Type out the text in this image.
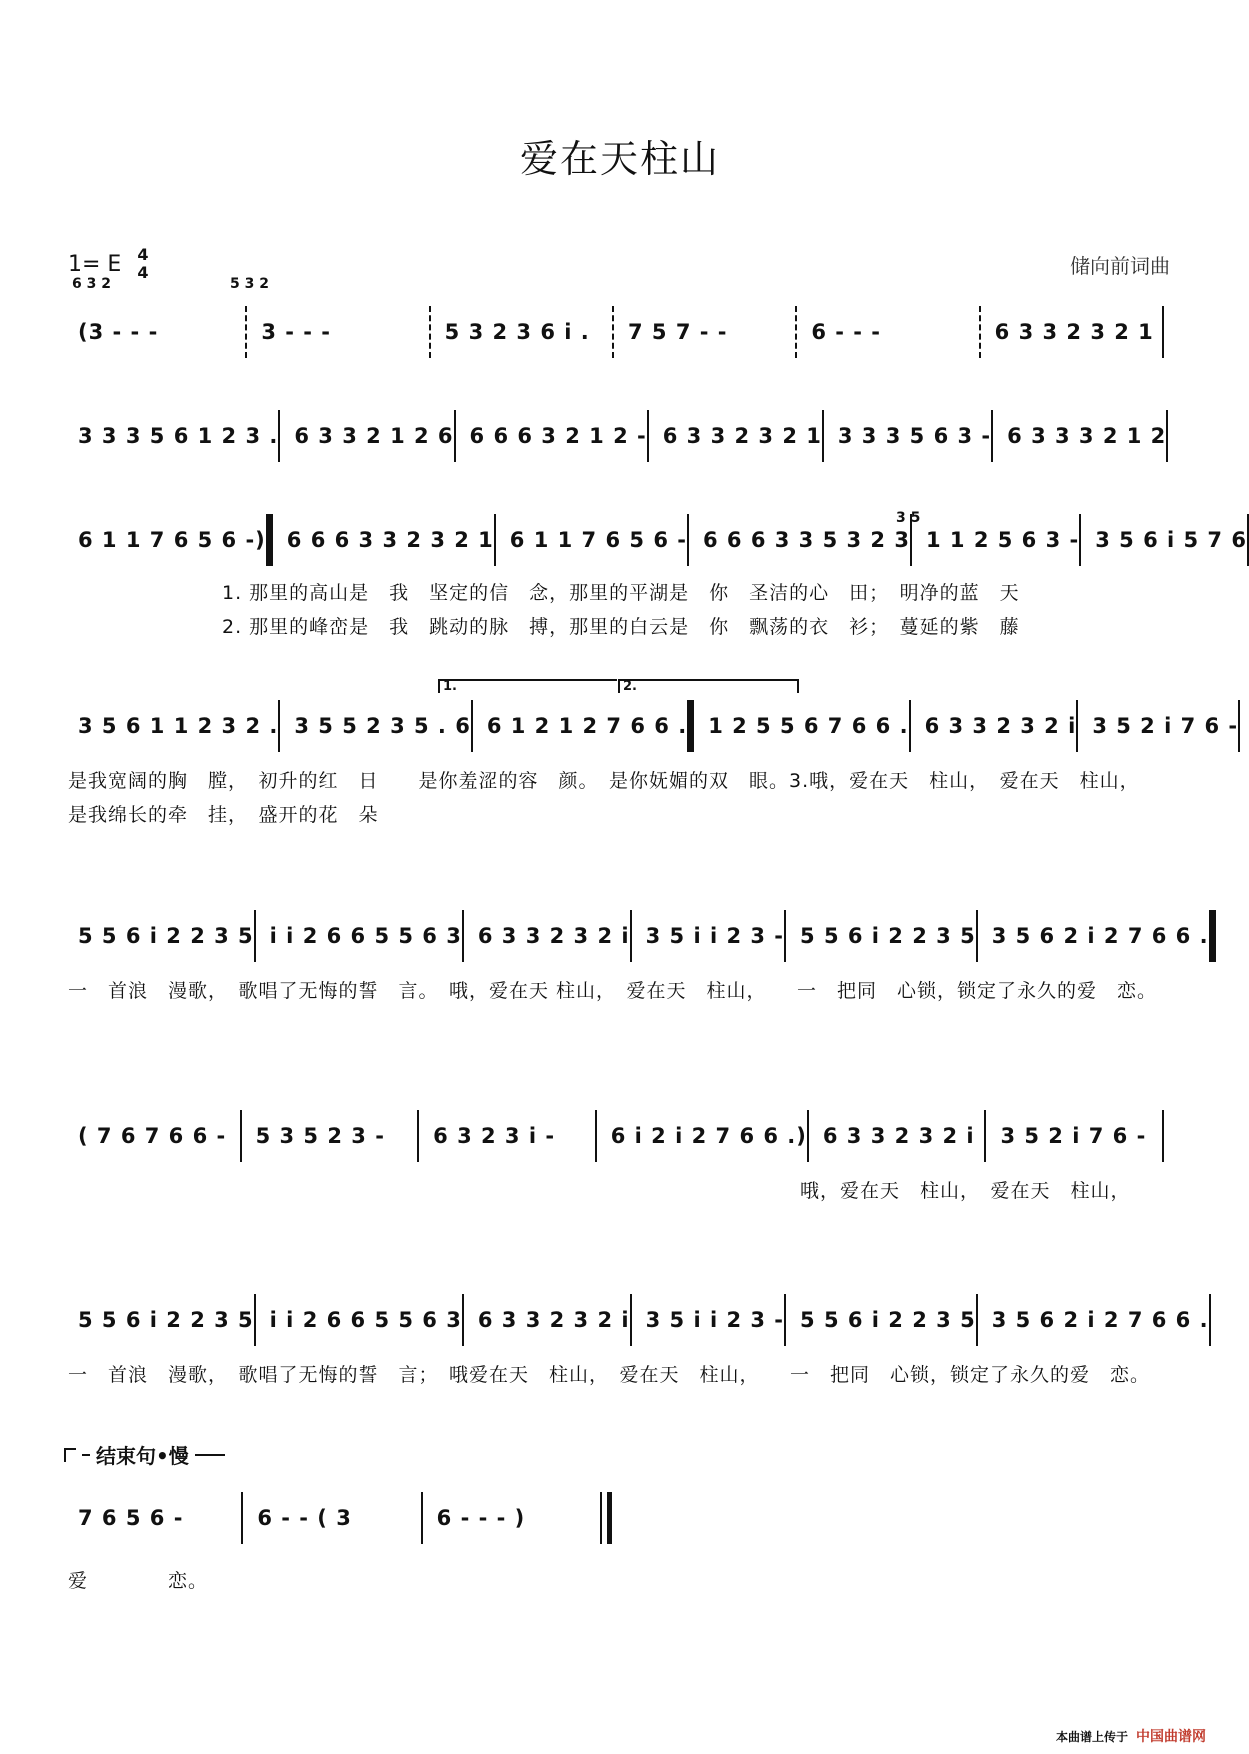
爱在天柱山
1= E 4
4	储向前词曲
6 3 2	5 3 2
3 5
(3 - - -	3 - - -	5 3 2 3 6 i .	7 5 7 - -	6 - - -	6 3 3 2 3 2 1
3 3 3 5 6 1 2 3 . 6 3 3 2 1 2 6 6 6 6 3 2 1 2 - 6 3 3 2 3 2 1 3 3 3 5 6 3 - 6 3 3 3 2 1 2
6 1 1 7 6 5 6 -)	6 6 6 3 3 2 3 2 1 6 1 1 7 6 5 6 - 6 6 6 3 3 5 3 2 3 1 1 2 5 6 3 - 3 5 6 i 5 7 6
1. 那里的高山是　我　坚定的信　念，那里的平湖是　你　圣洁的心　田；　明净的蓝　天
2. 那里的峰峦是　我　跳动的脉　搏，那里的白云是　你　飘荡的衣　衫；　蔓延的紫　藤
1.	2.
3 5 6 1 1 2 3 2 . 3 5 5 2 3 5 . 6 6 1 2 1 2 7 6 6 .	1 2 5 5 6 7 6 6 . 6 3 3 2 3 2 i 3 5 2 i 7 6 -
是我宽阔的胸　膛，　初升的红　日　　是你羞涩的容　颜。　是你妩媚的双　眼。3.哦，爱在天　柱山，　爱在天　柱山，
是我绵长的牵　挂，　盛开的花　朵
5 5 6 i 2 2 3 5 i i 2 6 6 5 5 6 3 6 3 3 2 3 2 i 3 5 i i 2 3 - 5 5 6 i 2 2 3 5 3 5 6 2 i 2 7 6 6 .
一　首浪　漫歌，　歌唱了无悔的誓　言。　哦，爱在天 柱山，　爱在天　柱山，　　一　把同　心锁，锁定了永久的爱　恋。
( 7 6 7 6 6 -	5 3 5 2 3 -	6 3 2 3 i -	6 i 2 i 2 7 6 6 .) 6 3 3 2 3 2 i	3 5 2 i 7 6 -
哦，爱在天　柱山，　爱在天　柱山，
5 5 6 i 2 2 3 5 i i 2 6 6 5 5 6 3 6 3 3 2 3 2 i 3 5 i i 2 3 - 5 5 6 i 2 2 3 5 3 5 6 2 i 2 7 6 6 .
一　首浪　漫歌，　歌唱了无悔的誓　言；　哦爱在天　柱山，　爱在天　柱山，　　一　把同　心锁，锁定了永久的爱　恋。
结束句•慢
7 6 5 6 -	6 - - ( 3	6 - - - )
爱　　　　恋。
本曲谱上传于 中国曲谱网
